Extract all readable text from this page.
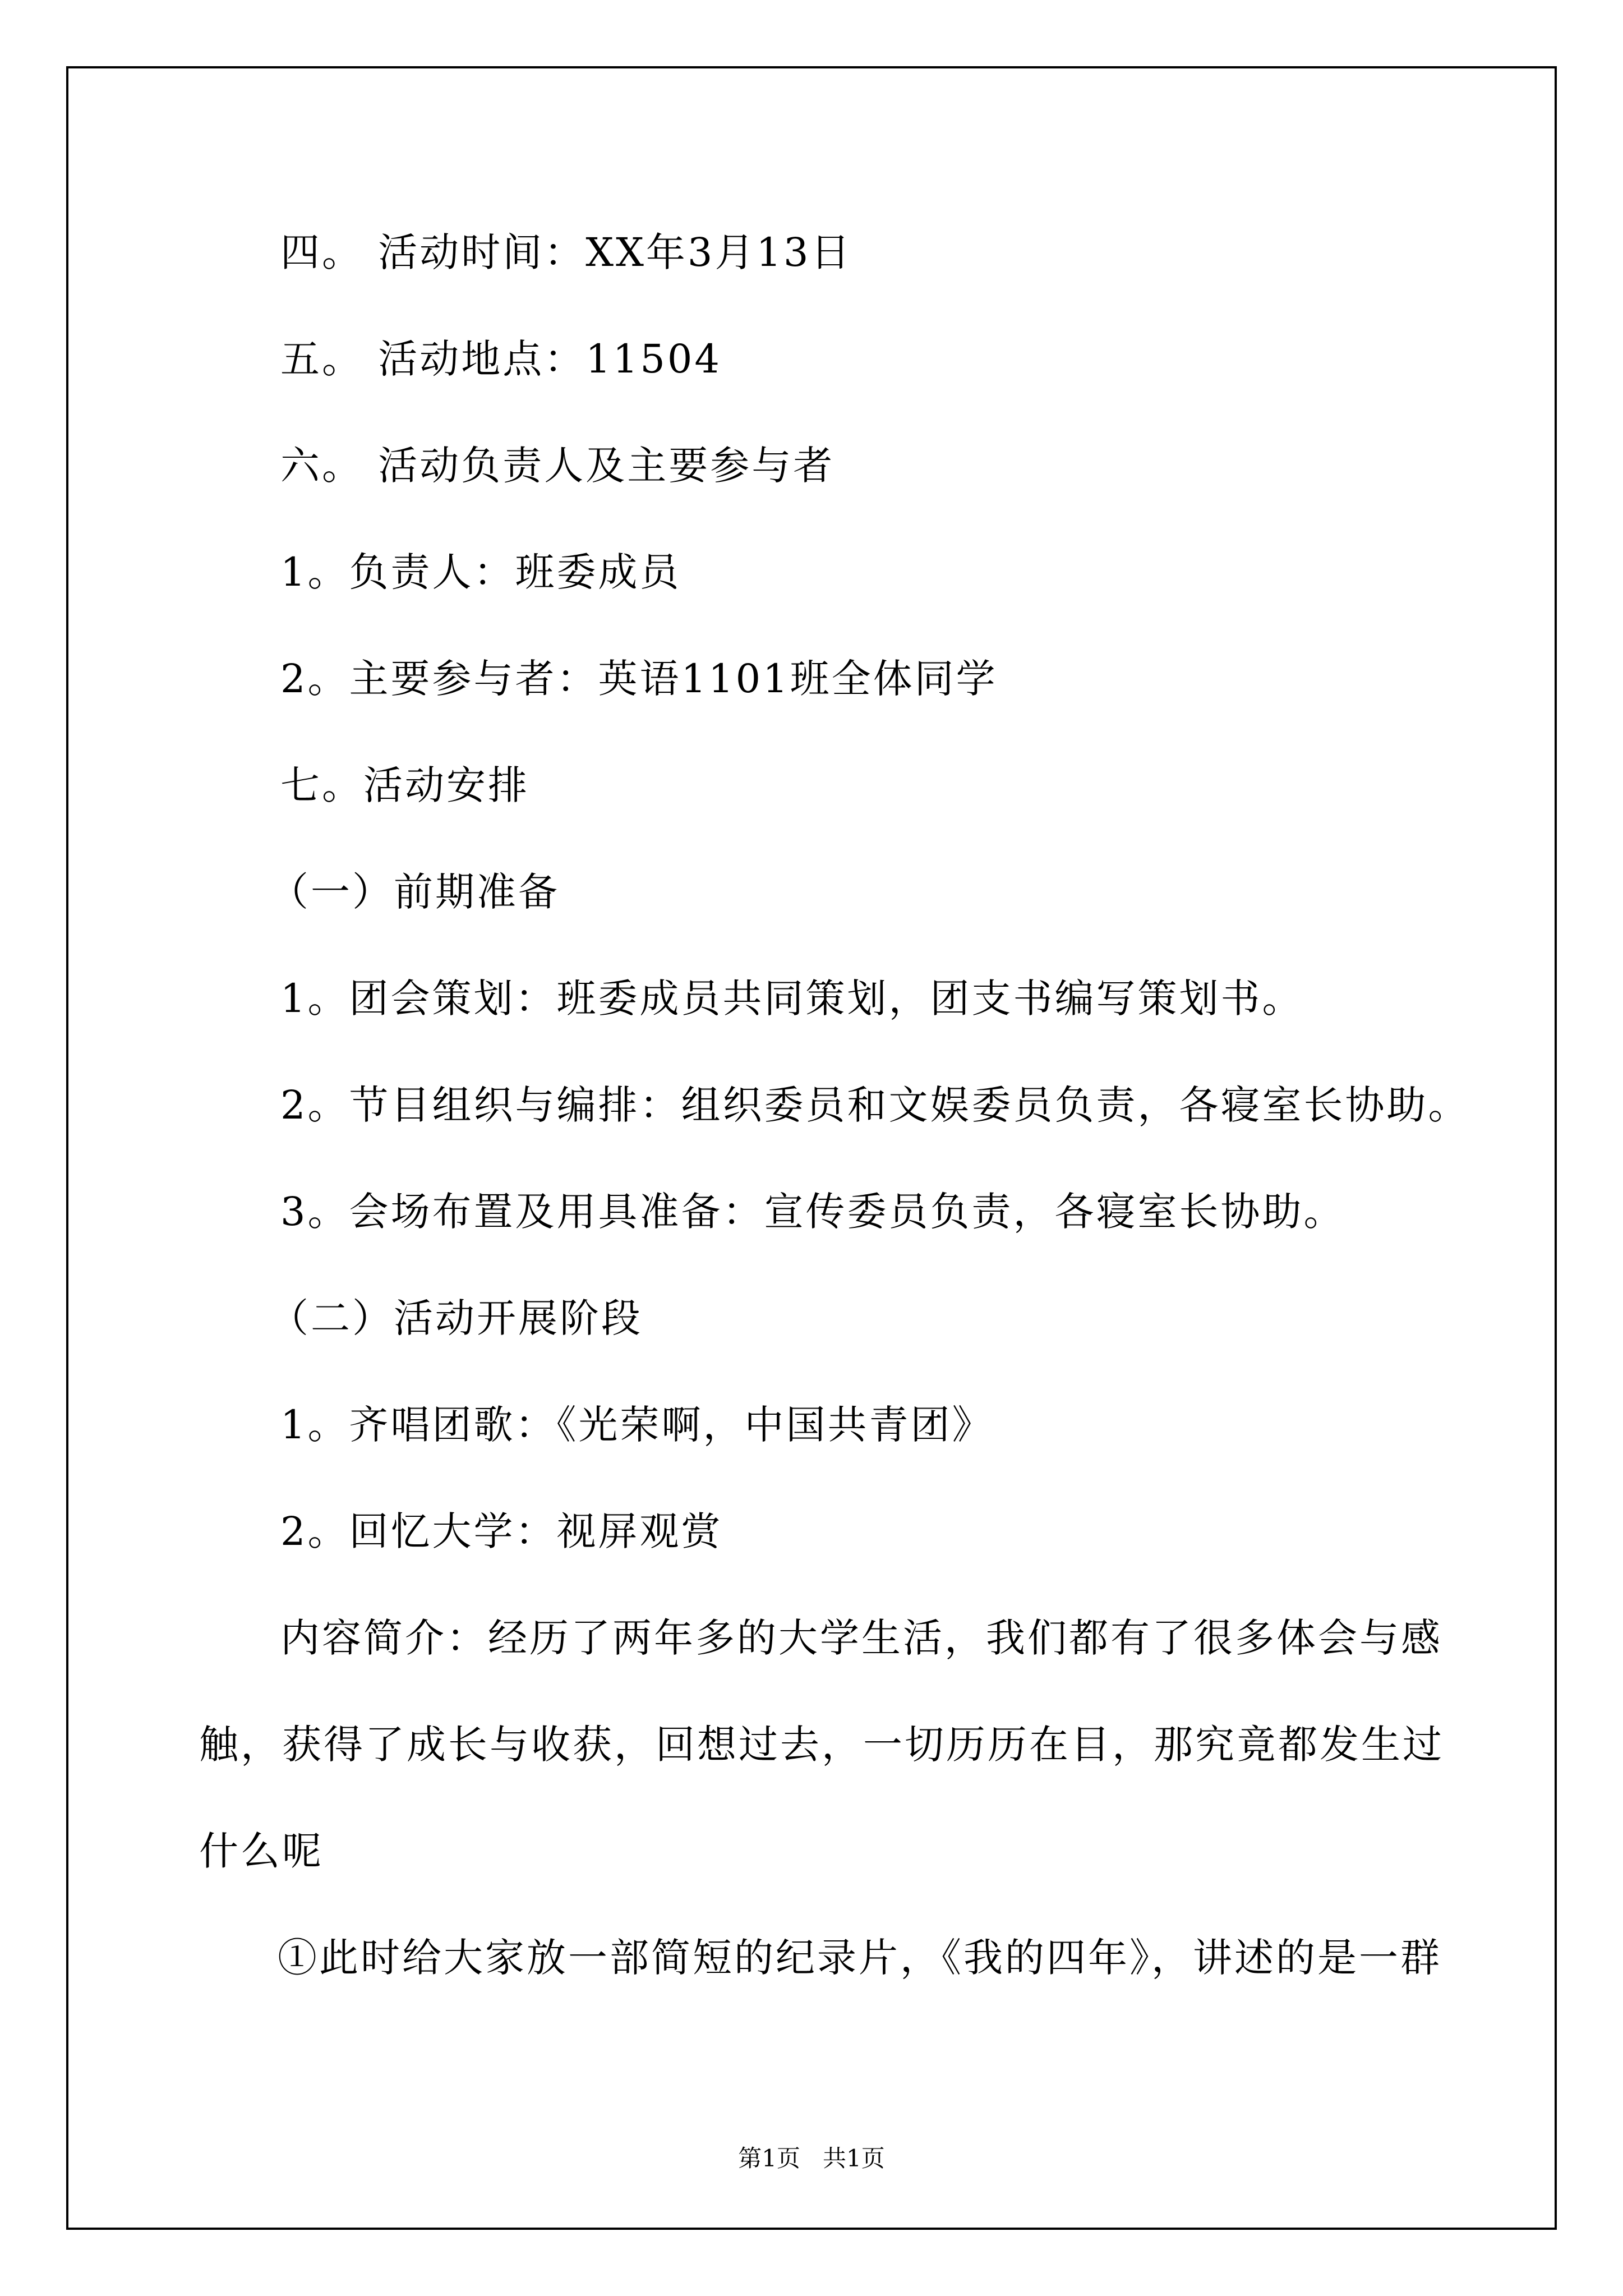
四。 活动时间：XX年3月13日
五。 活动地点：11504
六。 活动负责人及主要参与者
1。负责人：班委成员
2。主要参与者：英语1101班全体同学
七。活动安排
（一）前期准备
1。团会策划：班委成员共同策划，团支书编写策划书。
2。节目组织与编排：组织委员和文娱委员负责，各寝室长协助。
3。会场布置及用具准备：宣传委员负责，各寝室长协助。
（二）活动开展阶段
1。齐唱团歌：《光荣啊，中国共青团》
2。回忆大学：视屏观赏
内容简介：经历了两年多的大学生活，我们都有了很多体会与感
触，获得了成长与收获，回想过去，一切历历在目，那究竟都发生过
什么呢
①此时给大家放一部简短的纪录片，《我的四年》，讲述的是一群
第1页   共1页
